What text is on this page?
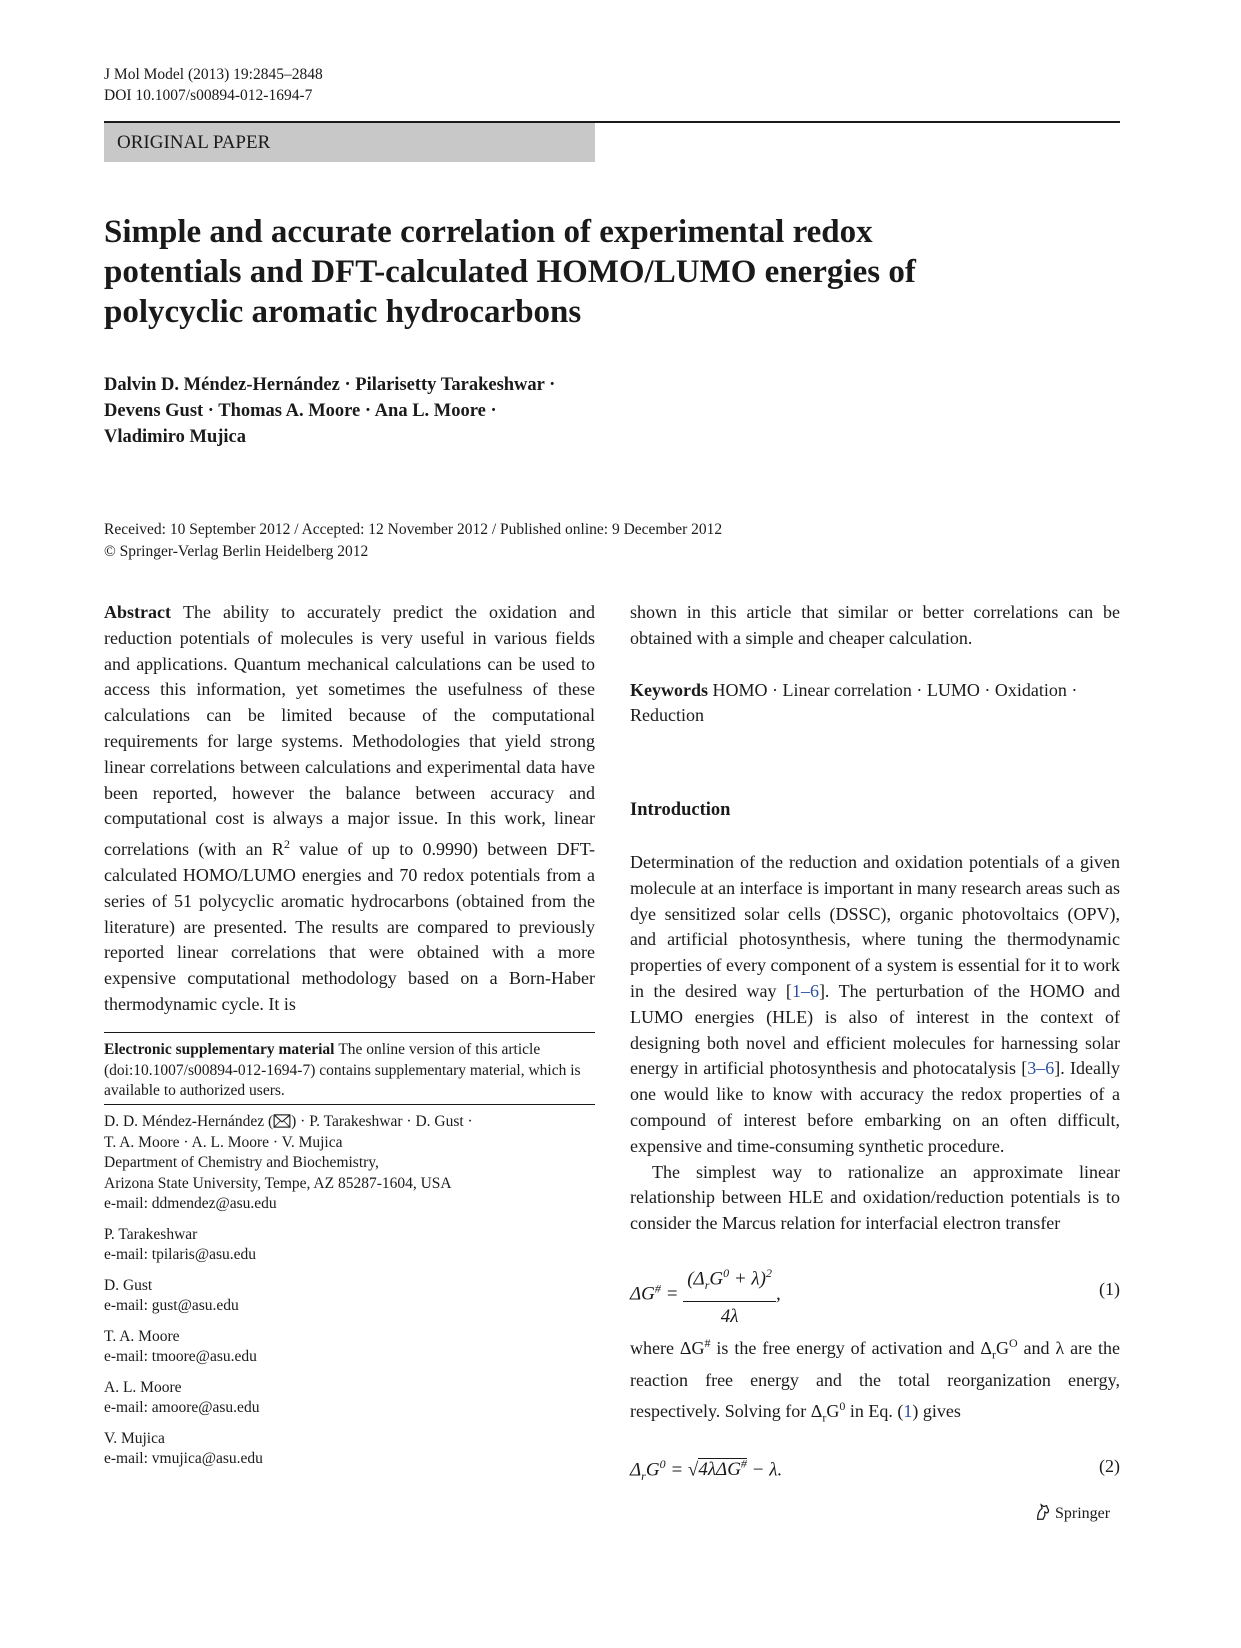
J Mol Model (2013) 19:2845–2848
DOI 10.1007/s00894-012-1694-7
ORIGINAL PAPER
Simple and accurate correlation of experimental redox potentials and DFT-calculated HOMO/LUMO energies of polycyclic aromatic hydrocarbons
Dalvin D. Méndez-Hernández · Pilarisetty Tarakeshwar ·
Devens Gust · Thomas A. Moore · Ana L. Moore ·
Vladimiro Mujica
Received: 10 September 2012 / Accepted: 12 November 2012 / Published online: 9 December 2012
© Springer-Verlag Berlin Heidelberg 2012

Abstract The ability to accurately predict the oxidation and reduction potentials of molecules is very useful in various fields and applications. Quantum mechanical calculations can be used to access this information, yet sometimes the usefulness of these calculations can be limited because of the computational requirements for large systems. Methodologies that yield strong linear correlations between calculations and experimental data have been reported, however the balance between accuracy and computational cost is always a major issue. In this work, linear correlations (with an $R^2$ value of up to 0.9990) between DFT-calculated HOMO/LUMO energies and 70 redox potentials from a series of 51 polycyclic aromatic hydrocarbons (obtained from the literature) are presented. The results are compared to previously reported linear correlations that were obtained with a more expensive computational methodology based on a Born-Haber thermodynamic cycle. It is

Electronic supplementary material The online version of this article (doi:10.1007/s00894-012-1694-7) contains supplementary material, which is available to authorized users.
D. D. Méndez-Hernández ( ) · P. Tarakeshwar · D. Gust ·
T. A. Moore · A. L. Moore · V. Mujica
Department of Chemistry and Biochemistry,
Arizona State University, Tempe, AZ 85287-1604, USA
e-mail: ddmendez@asu.edu
P. Tarakeshwar
e-mail: tpilaris@asu.edu
D. Gust
e-mail: gust@asu.edu
T. A. Moore
e-mail: tmoore@asu.edu
A. L. Moore
e-mail: amoore@asu.edu
V. Mujica
e-mail: vmujica@asu.edu

shown in this article that similar or better correlations can be obtained with a simple and cheaper calculation.

Keywords HOMO · Linear correlation · LUMO · Oxidation · Reduction

Introduction

Determination of the reduction and oxidation potentials of a given molecule at an interface is important in many research areas such as dye sensitized solar cells (DSSC), organic photovoltaics (OPV), and artificial photosynthesis, where tuning the thermodynamic properties of every component of a system is essential for it to work in the desired way [1–6]. The perturbation of the HOMO and LUMO energies (HLE) is also of interest in the context of designing both novel and efficient molecules for harnessing solar energy in artificial photosynthesis and photocatalysis [3–6]. Ideally one would like to know with accuracy the redox properties of a compound of interest before embarking on an often difficult, expensive and time-consuming synthetic procedure.

The simplest way to rationalize an approximate linear relationship between HLE and oxidation/reduction potentials is to consider the Marcus relation for interfacial electron transfer

$\Delta G^{\#} = \frac{(\Delta_rG^0 + \lambda)^2}{4\lambda}$ ,	(1)

where ΔG# is the free energy of activation and $\Delta_rG^O$ and λ are the reaction free energy and the total reorganization energy, respectively. Solving for $\Delta_rG^0$ in Eq. (1) gives

$\Delta_rG^0 = √4\lambda\Delta G^{\#} - \lambda$.	(2)
Springer
